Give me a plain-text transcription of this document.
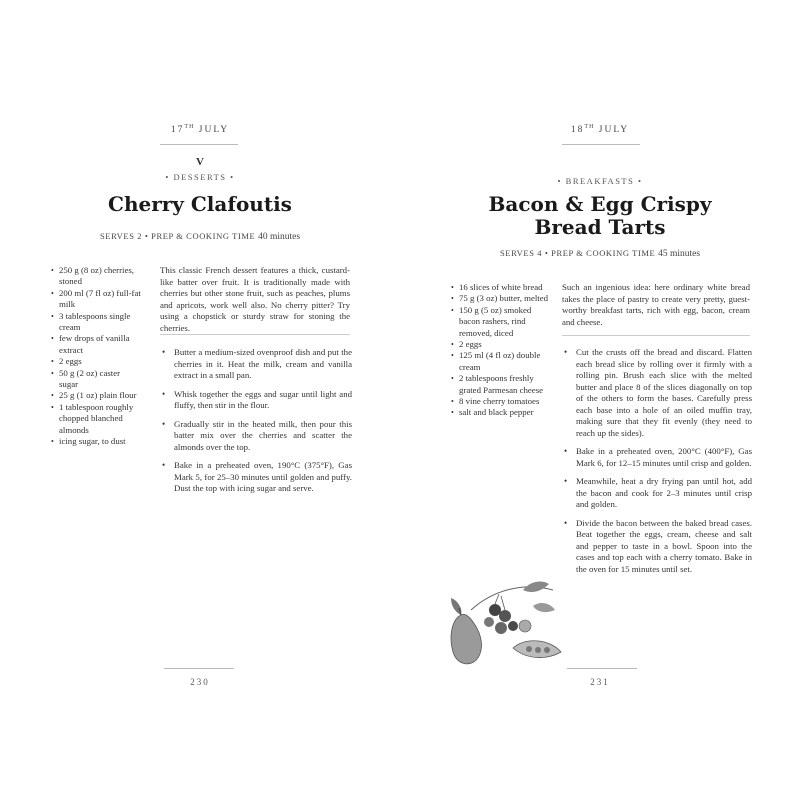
17TH JULY
V
• DESSERTS •
Cherry Clafoutis
SERVES 2 • PREP & COOKING TIME 40 minutes
• 250 g (8 oz) cherries, stoned
• 200 ml (7 fl oz) full-fat milk
• 3 tablespoons single cream
• few drops of vanilla extract
• 2 eggs
• 50 g (2 oz) caster sugar
• 25 g (1 oz) plain flour
• 1 tablespoon roughly chopped blanched almonds
• icing sugar, to dust

This classic French dessert features a thick, custard-like batter over fruit. It is traditionally made with cherries but other stone fruit, such as peaches, plums and apricots, work well also. No cherry pitter? Try using a chopstick or sturdy straw for stoning the cherries.

• Butter a medium-sized ovenproof dish and put the cherries in it. Heat the milk, cream and vanilla extract in a small pan.
• Whisk together the eggs and sugar until light and fluffy, then stir in the flour.
• Gradually stir in the heated milk, then pour this batter mix over the cherries and scatter the almonds over the top.
• Bake in a preheated oven, 190°C (375°F), Gas Mark 5, for 25–30 minutes until golden and puffy. Dust the top with icing sugar and serve.
230
18TH JULY
• BREAKFASTS •
Bacon & Egg Crispy
Bread Tarts
SERVES 4 • PREP & COOKING TIME 45 minutes
• 16 slices of white bread
• 75 g (3 oz) butter, melted
• 150 g (5 oz) smoked bacon rashers, rind removed, diced
• 2 eggs
• 125 ml (4 fl oz) double cream
• 2 tablespoons freshly grated Parmesan cheese
• 8 vine cherry tomatoes
• salt and black pepper

Such an ingenious idea: here ordinary white bread takes the place of pastry to create very pretty, guest-worthy breakfast tarts, rich with egg, bacon, cream and cheese.

• Cut the crusts off the bread and discard. Flatten each bread slice by rolling over it firmly with a rolling pin. Brush each slice with the melted butter and place 8 of the slices diagonally on top of the others to form the bases. Carefully press each base into a hole of an oiled muffin tray, making sure that they fit evenly (they need to reach up the sides).
• Bake in a preheated oven, 200°C (400°F), Gas Mark 6, for 12–15 minutes until crisp and golden.
• Meanwhile, heat a dry frying pan until hot, add the bacon and cook for 2–3 minutes until crisp and golden.
• Divide the bacon between the baked bread cases. Beat together the eggs, cream, cheese and salt and pepper to taste in a bowl. Spoon into the cases and top each with a cherry tomato. Bake in the oven for 15 minutes until set.
231
